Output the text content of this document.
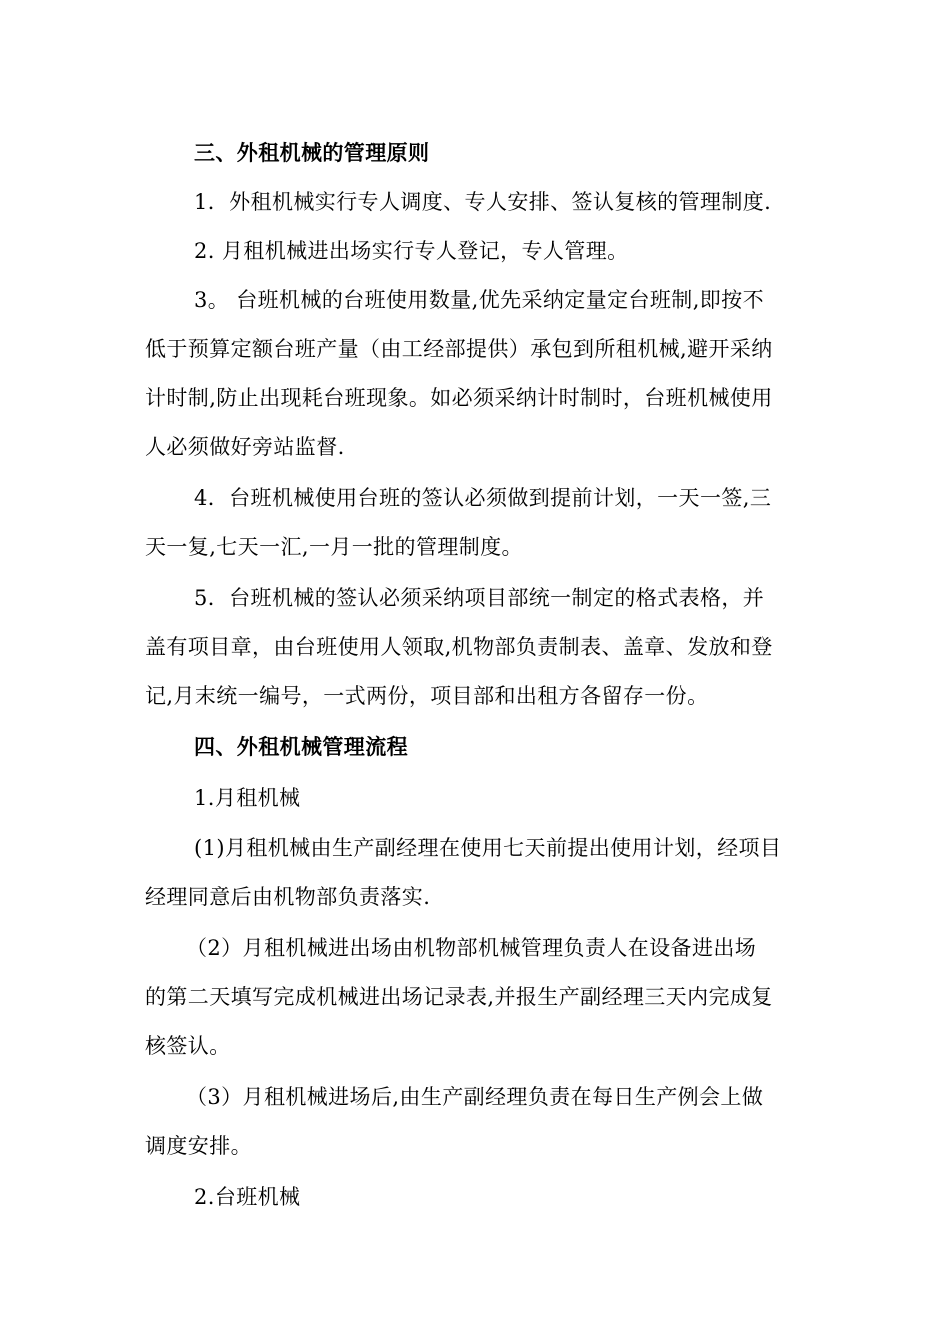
三、外租机械的管理原则
1．外租机械实行专人调度、专人安排、签认复核的管理制度.
2. 月租机械进出场实行专人登记，专人管理。
3。 台班机械的台班使用数量,优先采纳定量定台班制,即按不
低于预算定额台班产量（由工经部提供）承包到所租机械,避开采纳
计时制,防止出现耗台班现象。如必须采纳计时制时，台班机械使用
人必须做好旁站监督.
4．台班机械使用台班的签认必须做到提前计划，一天一签,三
天一复,七天一汇,一月一批的管理制度。
5．台班机械的签认必须采纳项目部统一制定的格式表格，并
盖有项目章，由台班使用人领取,机物部负责制表、盖章、发放和登
记,月末统一编号，一式两份，项目部和出租方各留存一份。
四、外租机械管理流程
1.月租机械
(1)月租机械由生产副经理在使用七天前提出使用计划，经项目
经理同意后由机物部负责落实.
（2）月租机械进出场由机物部机械管理负责人在设备进出场
的第二天填写完成机械进出场记录表,并报生产副经理三天内完成复
核签认。
（3）月租机械进场后,由生产副经理负责在每日生产例会上做
调度安排。
2.台班机械
